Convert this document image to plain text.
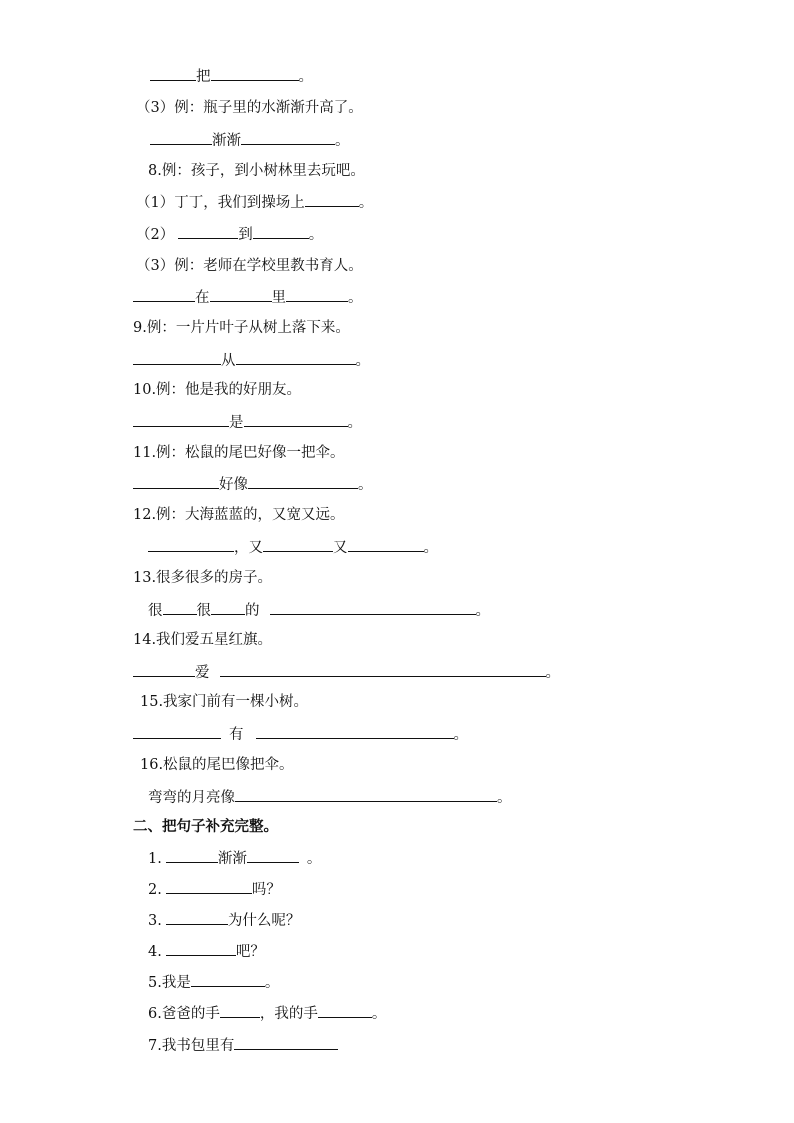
把	。
（3）例：瓶子里的水渐渐升高了。
渐渐	。
8.例：孩子，到小树林里去玩吧。
（1）丁丁，我们到操场上	。
（2）	到	。
（3）例：老师在学校里教书育人。
在	里	。
9.例：一片片叶子从树上落下来。
从	。
10.例：他是我的好朋友。
是	。
11.例：松鼠的尾巴好像一把伞。
好像	。
12.例：大海蓝蓝的，又宽又远。
，又	又	。
13.很多很多的房子。
很 很 的	。
14.我们爱五星红旗。
爱	。
15.我家门前有一棵小树。
有	。
16.松鼠的尾巴像把伞。
弯弯的月亮像	。
二、把句子补充完整。
1.	渐渐	。
2.	吗？
3.	为什么呢？
4.	吧？
5.我是	。
6.爸爸的手	，我的手	。
7.我书包里有
